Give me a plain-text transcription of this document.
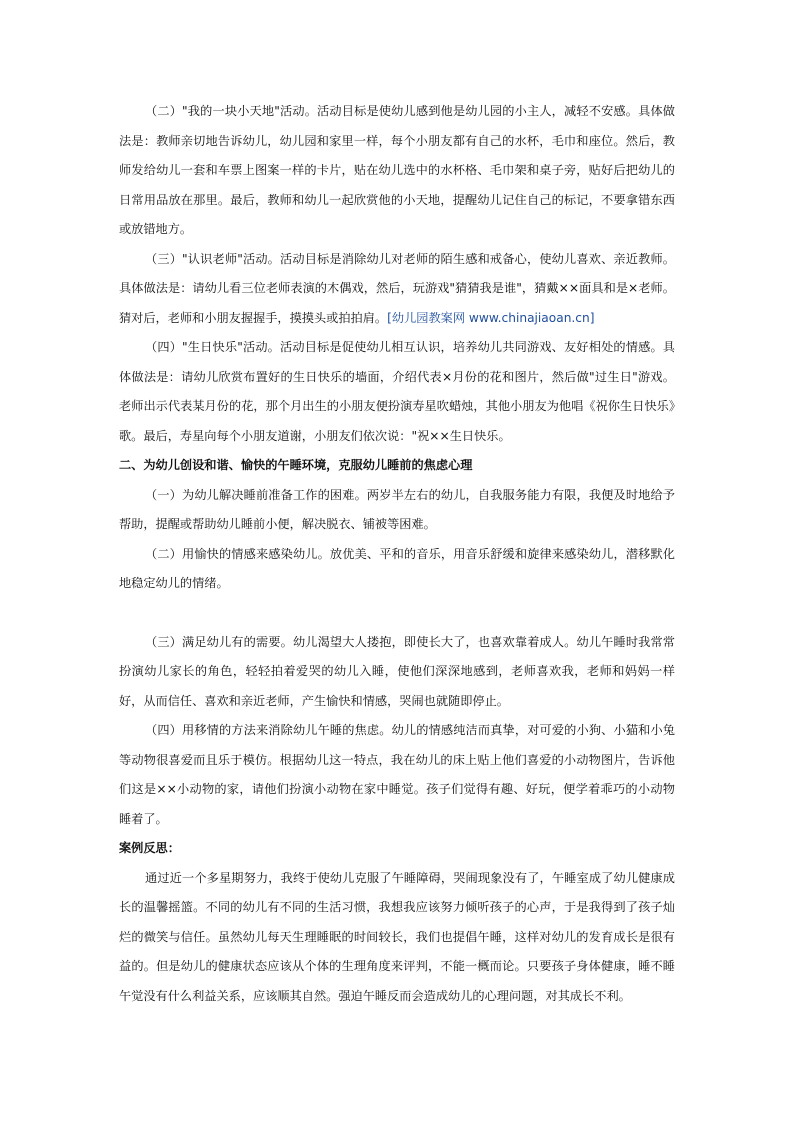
（二）"我的一块小天地"活动。活动目标是使幼儿感到他是幼儿园的小主人，减轻不安感。具体做法是：教师亲切地告诉幼儿，幼儿园和家里一样，每个小朋友都有自己的水杯，毛巾和座位。然后，教师发给幼儿一套和车票上图案一样的卡片，贴在幼儿选中的水杯格、毛巾架和桌子旁，贴好后把幼儿的日常用品放在那里。最后，教师和幼儿一起欣赏他的小天地，提醒幼儿记住自己的标记，不要拿错东西或放错地方。

（三）"认识老师"活动。活动目标是消除幼儿对老师的陌生感和戒备心，使幼儿喜欢、亲近教师。具体做法是：请幼儿看三位老师表演的木偶戏，然后，玩游戏"猜猜我是谁"，猜戴××面具和是×老师。猜对后，老师和小朋友握握手，摸摸头或拍拍肩。[幼儿园教案网 www.chinajiaoan.cn]

（四）"生日快乐"活动。活动目标是促使幼儿相互认识，培养幼儿共同游戏、友好相处的情感。具体做法是：请幼儿欣赏布置好的生日快乐的墙面，介绍代表×月份的花和图片，然后做"过生日"游戏。老师出示代表某月份的花，那个月出生的小朋友便扮演寿星吹蜡烛，其他小朋友为他唱《祝你生日快乐》歌。最后，寿星向每个小朋友道谢，小朋友们依次说："祝××生日快乐。

二、为幼儿创设和谐、愉快的午睡环境，克服幼儿睡前的焦虑心理

（一）为幼儿解决睡前准备工作的困难。两岁半左右的幼儿，自我服务能力有限，我便及时地给予帮助，提醒或帮助幼儿睡前小便，解决脱衣、铺被等困难。

（二）用愉快的情感来感染幼儿。放优美、平和的音乐，用音乐舒缓和旋律来感染幼儿，潜移默化地稳定幼儿的情绪。

（三）满足幼儿有的需要。幼儿渴望大人搂抱，即使长大了，也喜欢靠着成人。幼儿午睡时我常常扮演幼儿家长的角色，轻轻拍着爱哭的幼儿入睡，使他们深深地感到，老师喜欢我，老师和妈妈一样好，从而信任、喜欢和亲近老师，产生愉快和情感，哭闹也就随即停止。

（四）用移情的方法来消除幼儿午睡的焦虑。幼儿的情感纯洁而真挚，对可爱的小狗、小猫和小兔等动物很喜爱而且乐于模仿。根据幼儿这一特点，我在幼儿的床上贴上他们喜爱的小动物图片，告诉他们这是××小动物的家，请他们扮演小动物在家中睡觉。孩子们觉得有趣、好玩，便学着乖巧的小动物睡着了。

案例反思：

通过近一个多星期努力，我终于使幼儿克服了午睡障碍，哭闹现象没有了，午睡室成了幼儿健康成长的温馨摇篮。不同的幼儿有不同的生活习惯，我想我应该努力倾听孩子的心声，于是我得到了孩子灿烂的微笑与信任。虽然幼儿每天生理睡眠的时间较长，我们也提倡午睡，这样对幼儿的发育成长是很有益的。但是幼儿的健康状态应该从个体的生理角度来评判，不能一概而论。只要孩子身体健康，睡不睡午觉没有什么利益关系，应该顺其自然。强迫午睡反而会造成幼儿的心理问题，对其成长不利。
